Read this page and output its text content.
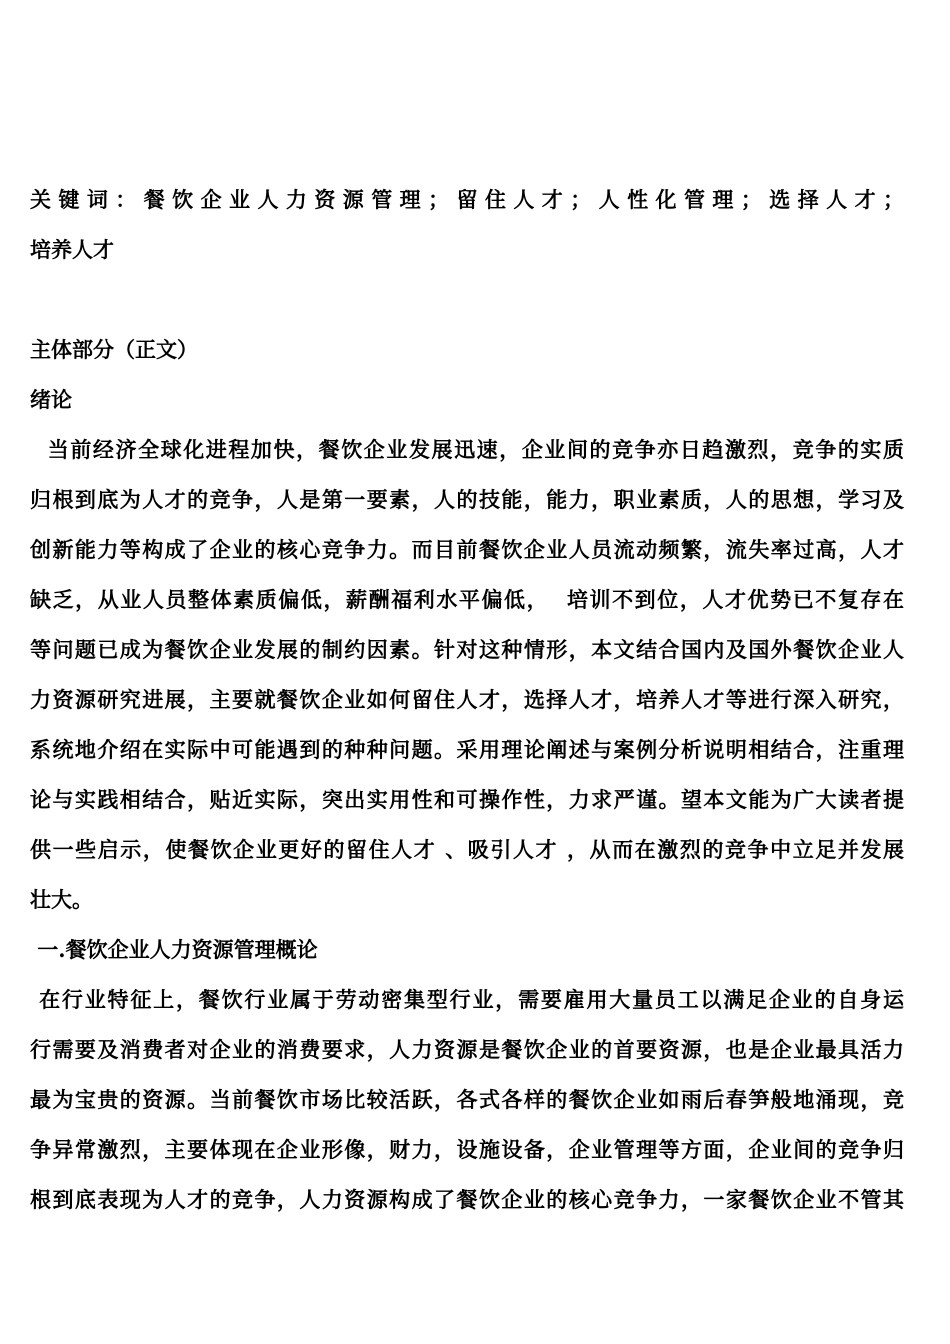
关键词：餐饮企业人力资源管理；留住人才；人性化管理；选择人才；
培养人才
主体部分（正文）
绪论
当前经济全球化进程加快，餐饮企业发展迅速，企业间的竞争亦日趋激烈，竞争的实质
归根到底为人才的竞争，人是第一要素，人的技能，能力，职业素质，人的思想，学习及
创新能力等构成了企业的核心竞争力。而目前餐饮企业人员流动频繁，流失率过高，人才
缺乏，从业人员整体素质偏低，薪酬福利水平偏低，  培训不到位，人才优势已不复存在
等问题已成为餐饮企业发展的制约因素。针对这种情形，本文结合国内及国外餐饮企业人
力资源研究进展，主要就餐饮企业如何留住人才，选择人才，培养人才等进行深入研究，
系统地介绍在实际中可能遇到的种种问题。采用理论阐述与案例分析说明相结合，注重理
论与实践相结合，贴近实际，突出实用性和可操作性，力求严谨。望本文能为广大读者提
供一些启示，使餐饮企业更好的留住人才 、吸引人才 ，从而在激烈的竞争中立足并发展
壮大。
一.餐饮企业人力资源管理概论
在行业特征上，餐饮行业属于劳动密集型行业，需要雇用大量员工以满足企业的自身运
行需要及消费者对企业的消费要求，人力资源是餐饮企业的首要资源，也是企业最具活力
最为宝贵的资源。当前餐饮市场比较活跃，各式各样的餐饮企业如雨后春笋般地涌现，竞
争异常激烈，主要体现在企业形像，财力，设施设备，企业管理等方面，企业间的竞争归
根到底表现为人才的竞争，人力资源构成了餐饮企业的核心竞争力，一家餐饮企业不管其
